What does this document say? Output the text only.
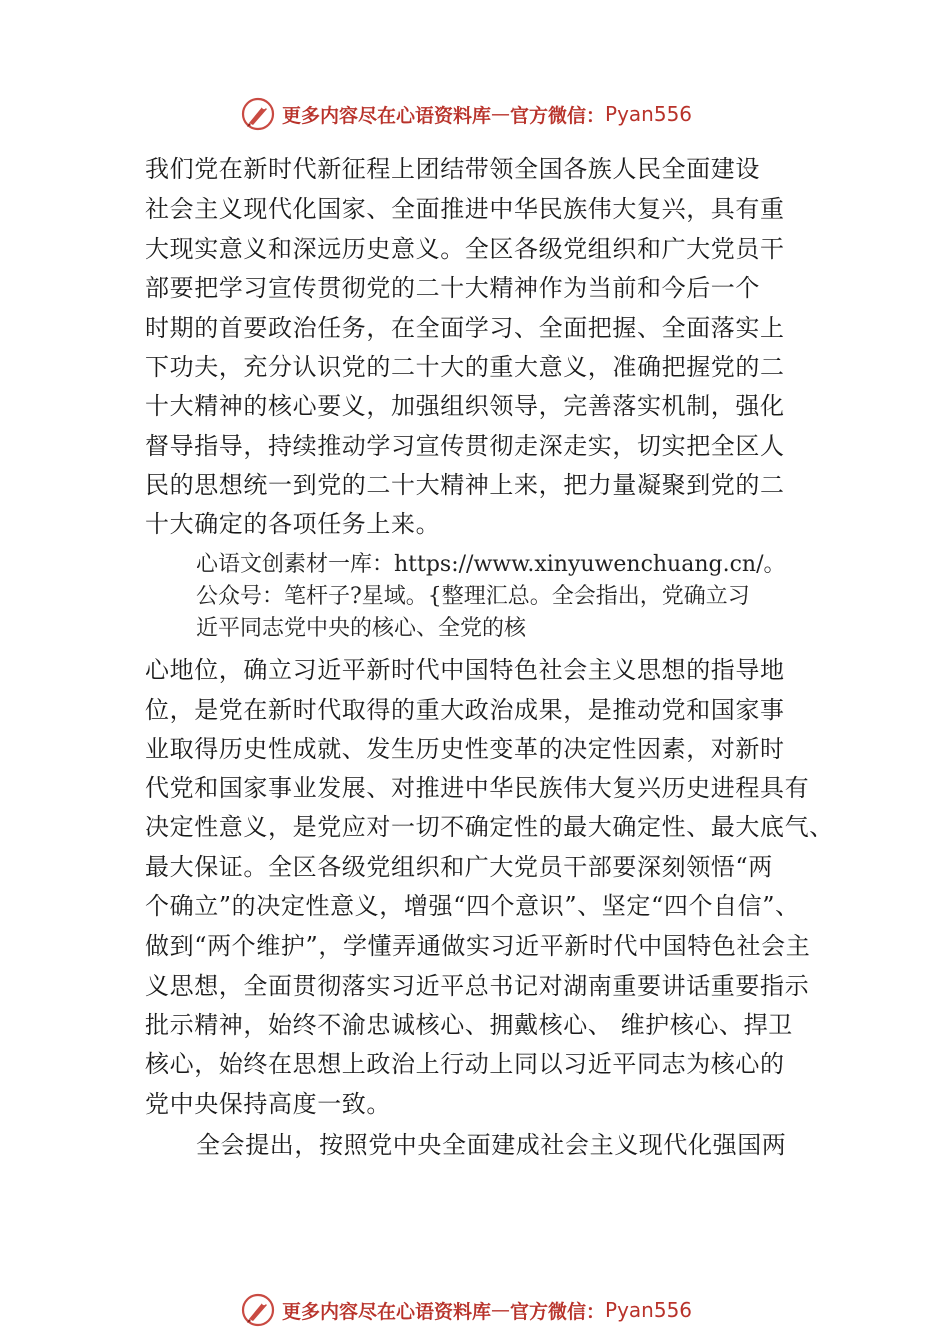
更多内容尽在心语资料库 — 官方微信： Pyan556
我们党在新时代新征程上团结带领全国各族人民全面建设
社会主义现代化国家、全面推进中华民族伟大复兴，具有重
大现实意义和深远历史意义。全区各级党组织和广大党员干
部要把学习宣传贯彻党的二十大精神作为当前和今后一个
时期的首要政治任务，在全面学习、全面把握、全面落实上
下功夫，充分认识党的二十大的重大意义，准确把握党的二
十大精神的核心要义，加强组织领导，完善落实机制，强化
督导指导，持续推动学习宣传贯彻走深走实，切实把全区人
民的思想统一到党的二十大精神上来，把力量凝聚到党的二
十大确定的各项任务上来。
心语文创素材一库：https://www.xinyuwenchuang.cn/。
公众号：笔杆子?星域。{整理汇总。全会指出，党确立习
近平同志党中央的核心、全党的核
心地位，确立习近平新时代中国特色社会主义思想的指导地
位，是党在新时代取得的重大政治成果，是推动党和国家事
业取得历史性成就、发生历史性变革的决定性因素，对新时
代党和国家事业发展、对推进中华民族伟大复兴历史进程具有
决定性意义，是党应对一切不确定性的最大确定性、最大底气、
最大保证。全区各级党组织和广大党员干部要深刻领悟“两
个确立”的决定性意义，增强“四个意识”、坚定“四个自信”、
做到“两个维护”，学懂弄通做实习近平新时代中国特色社会主
义思想，全面贯彻落实习近平总书记对湖南重要讲话重要指示
批示精神，始终不渝忠诚核心、拥戴核心、 维护核心、捍卫
核心，始终在思想上政治上行动上同以习近平同志为核心的
党中央保持高度一致。
全会提出，按照党中央全面建成社会主义现代化强国两
更多内容尽在心语资料库 — 官方微信： Pyan556
